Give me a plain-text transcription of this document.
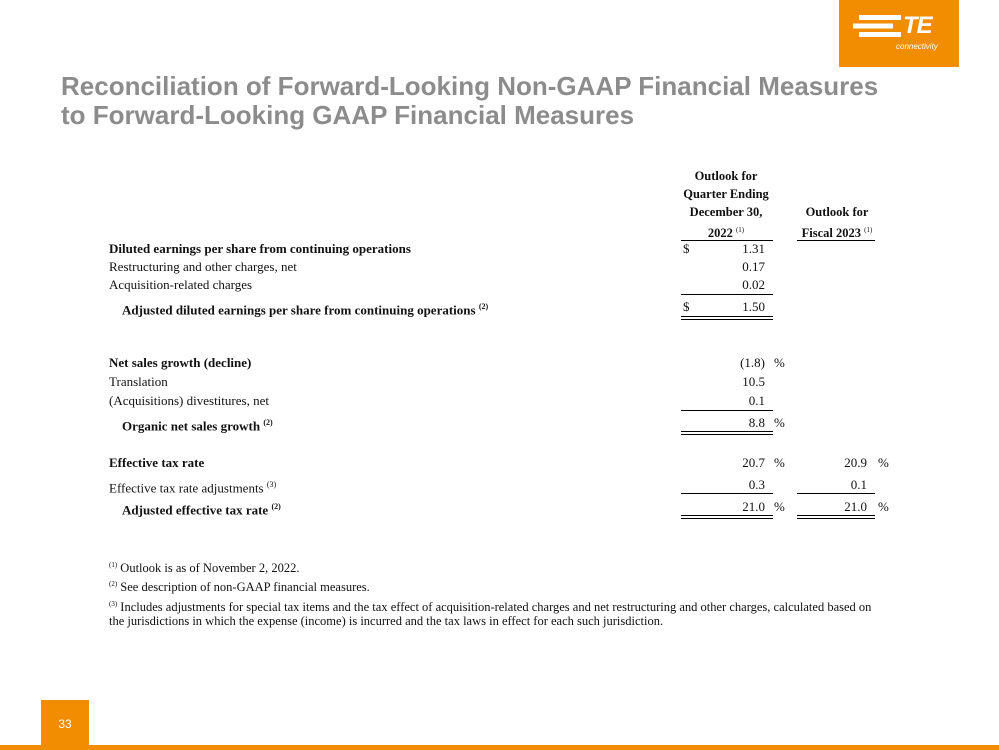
TE
connectivity
Reconciliation of Forward-Looking Non-GAAP Financial Measures
to Forward-Looking GAAP Financial Measures
Outlook for
Quarter Ending
December 30,
2022 $^{(1)}$
Outlook for
Fiscal 2023 $^{(1)}$
Diluted earnings per share from continuing operations	$	1.31
Restructuring and other charges, net	0.17
Acquisition-related charges	0.02
Adjusted diluted earnings per share from continuing operations $^{(2)}$	$	1.50
Net sales growth (decline)	(1.8) %
Translation	10.5
(Acquisitions) divestitures, net	0.1
Organic net sales growth $^{(2)}$	8.8 %
Effective tax rate	20.7 %	20.9 %
Effective tax rate adjustments $^{(3)}$	0.3	0.1
Adjusted effective tax rate $^{(2)}$	21.0 %	21.0 %
$^{(1)}$ Outlook is as of November 2, 2022.
$^{(2)}$ See description of non-GAAP financial measures.
$^{(3)}$ Includes adjustments for special tax items and the tax effect of acquisition-related charges and net restructuring and other charges, calculated based on
the jurisdictions in which the expense (income) is incurred and the tax laws in effect for each such jurisdiction.
33
